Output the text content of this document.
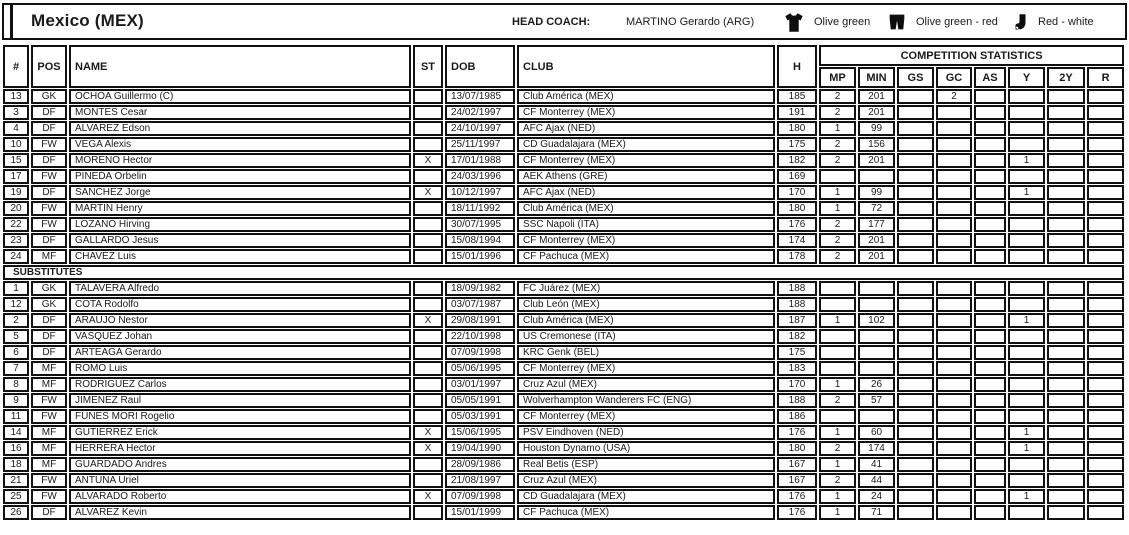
Mexico (MEX)	HEAD COACH:	MARTINO Gerardo (ARG)	Olive green	Olive green - red	Red - white
#	POS	NAME	ST	DOB	CLUB	H	COMPETITION STATISTICS							
							MP	MIN	GS	GC	AS	Y	2Y	R
13	GK	OCHOA Guillermo (C)		13/07/1985	Club América (MEX)	185	2	201		2				
3	DF	MONTES Cesar		24/02/1997	CF Monterrey (MEX)	191	2	201						
4	DF	ALVAREZ Edson		24/10/1997	AFC Ajax (NED)	180	1	99						
10	FW	VEGA Alexis		25/11/1997	CD Guadalajara (MEX)	175	2	156						
15	DF	MORENO Hector	X	17/01/1988	CF Monterrey (MEX)	182	2	201				1		
17	FW	PINEDA Orbelin		24/03/1996	AEK Athens (GRE)	169								
19	DF	SANCHEZ Jorge	X	10/12/1997	AFC Ajax (NED)	170	1	99				1		
20	FW	MARTIN Henry		18/11/1992	Club América (MEX)	180	1	72						
22	FW	LOZANO Hirving		30/07/1995	SSC Napoli (ITA)	176	2	177						
23	DF	GALLARDO Jesus		15/08/1994	CF Monterrey (MEX)	174	2	201						
24	MF	CHAVEZ Luis		15/01/1996	CF Pachuca (MEX)	178	2	201						
SUBSTITUTES														
1	GK	TALAVERA Alfredo		18/09/1982	FC Juárez (MEX)	188								
12	GK	COTA Rodolfo		03/07/1987	Club León (MEX)	188								
2	DF	ARAUJO Nestor	X	29/08/1991	Club América (MEX)	187	1	102				1		
5	DF	VASQUEZ Johan		22/10/1998	US Cremonese (ITA)	182								
6	DF	ARTEAGA Gerardo		07/09/1998	KRC Genk (BEL)	175								
7	MF	ROMO Luis		05/06/1995	CF Monterrey (MEX)	183								
8	MF	RODRIGUEZ Carlos		03/01/1997	Cruz Azul (MEX)	170	1	26						
9	FW	JIMENEZ Raul		05/05/1991	Wolverhampton Wanderers FC (ENG)	188	2	57						
11	FW	FUNES MORI Rogelio		05/03/1991	CF Monterrey (MEX)	186								
14	MF	GUTIERREZ Erick	X	15/06/1995	PSV Eindhoven (NED)	176	1	60				1		
16	MF	HERRERA Hector	X	19/04/1990	Houston Dynamo (USA)	180	2	174				1		
18	MF	GUARDADO Andres		28/09/1986	Real Betis (ESP)	167	1	41						
21	FW	ANTUNA Uriel		21/08/1997	Cruz Azul (MEX)	167	2	44						
25	FW	ALVARADO Roberto	X	07/09/1998	CD Guadalajara (MEX)	176	1	24				1		
26	DF	ALVAREZ Kevin		15/01/1999	CF Pachuca (MEX)	176	1	71						
